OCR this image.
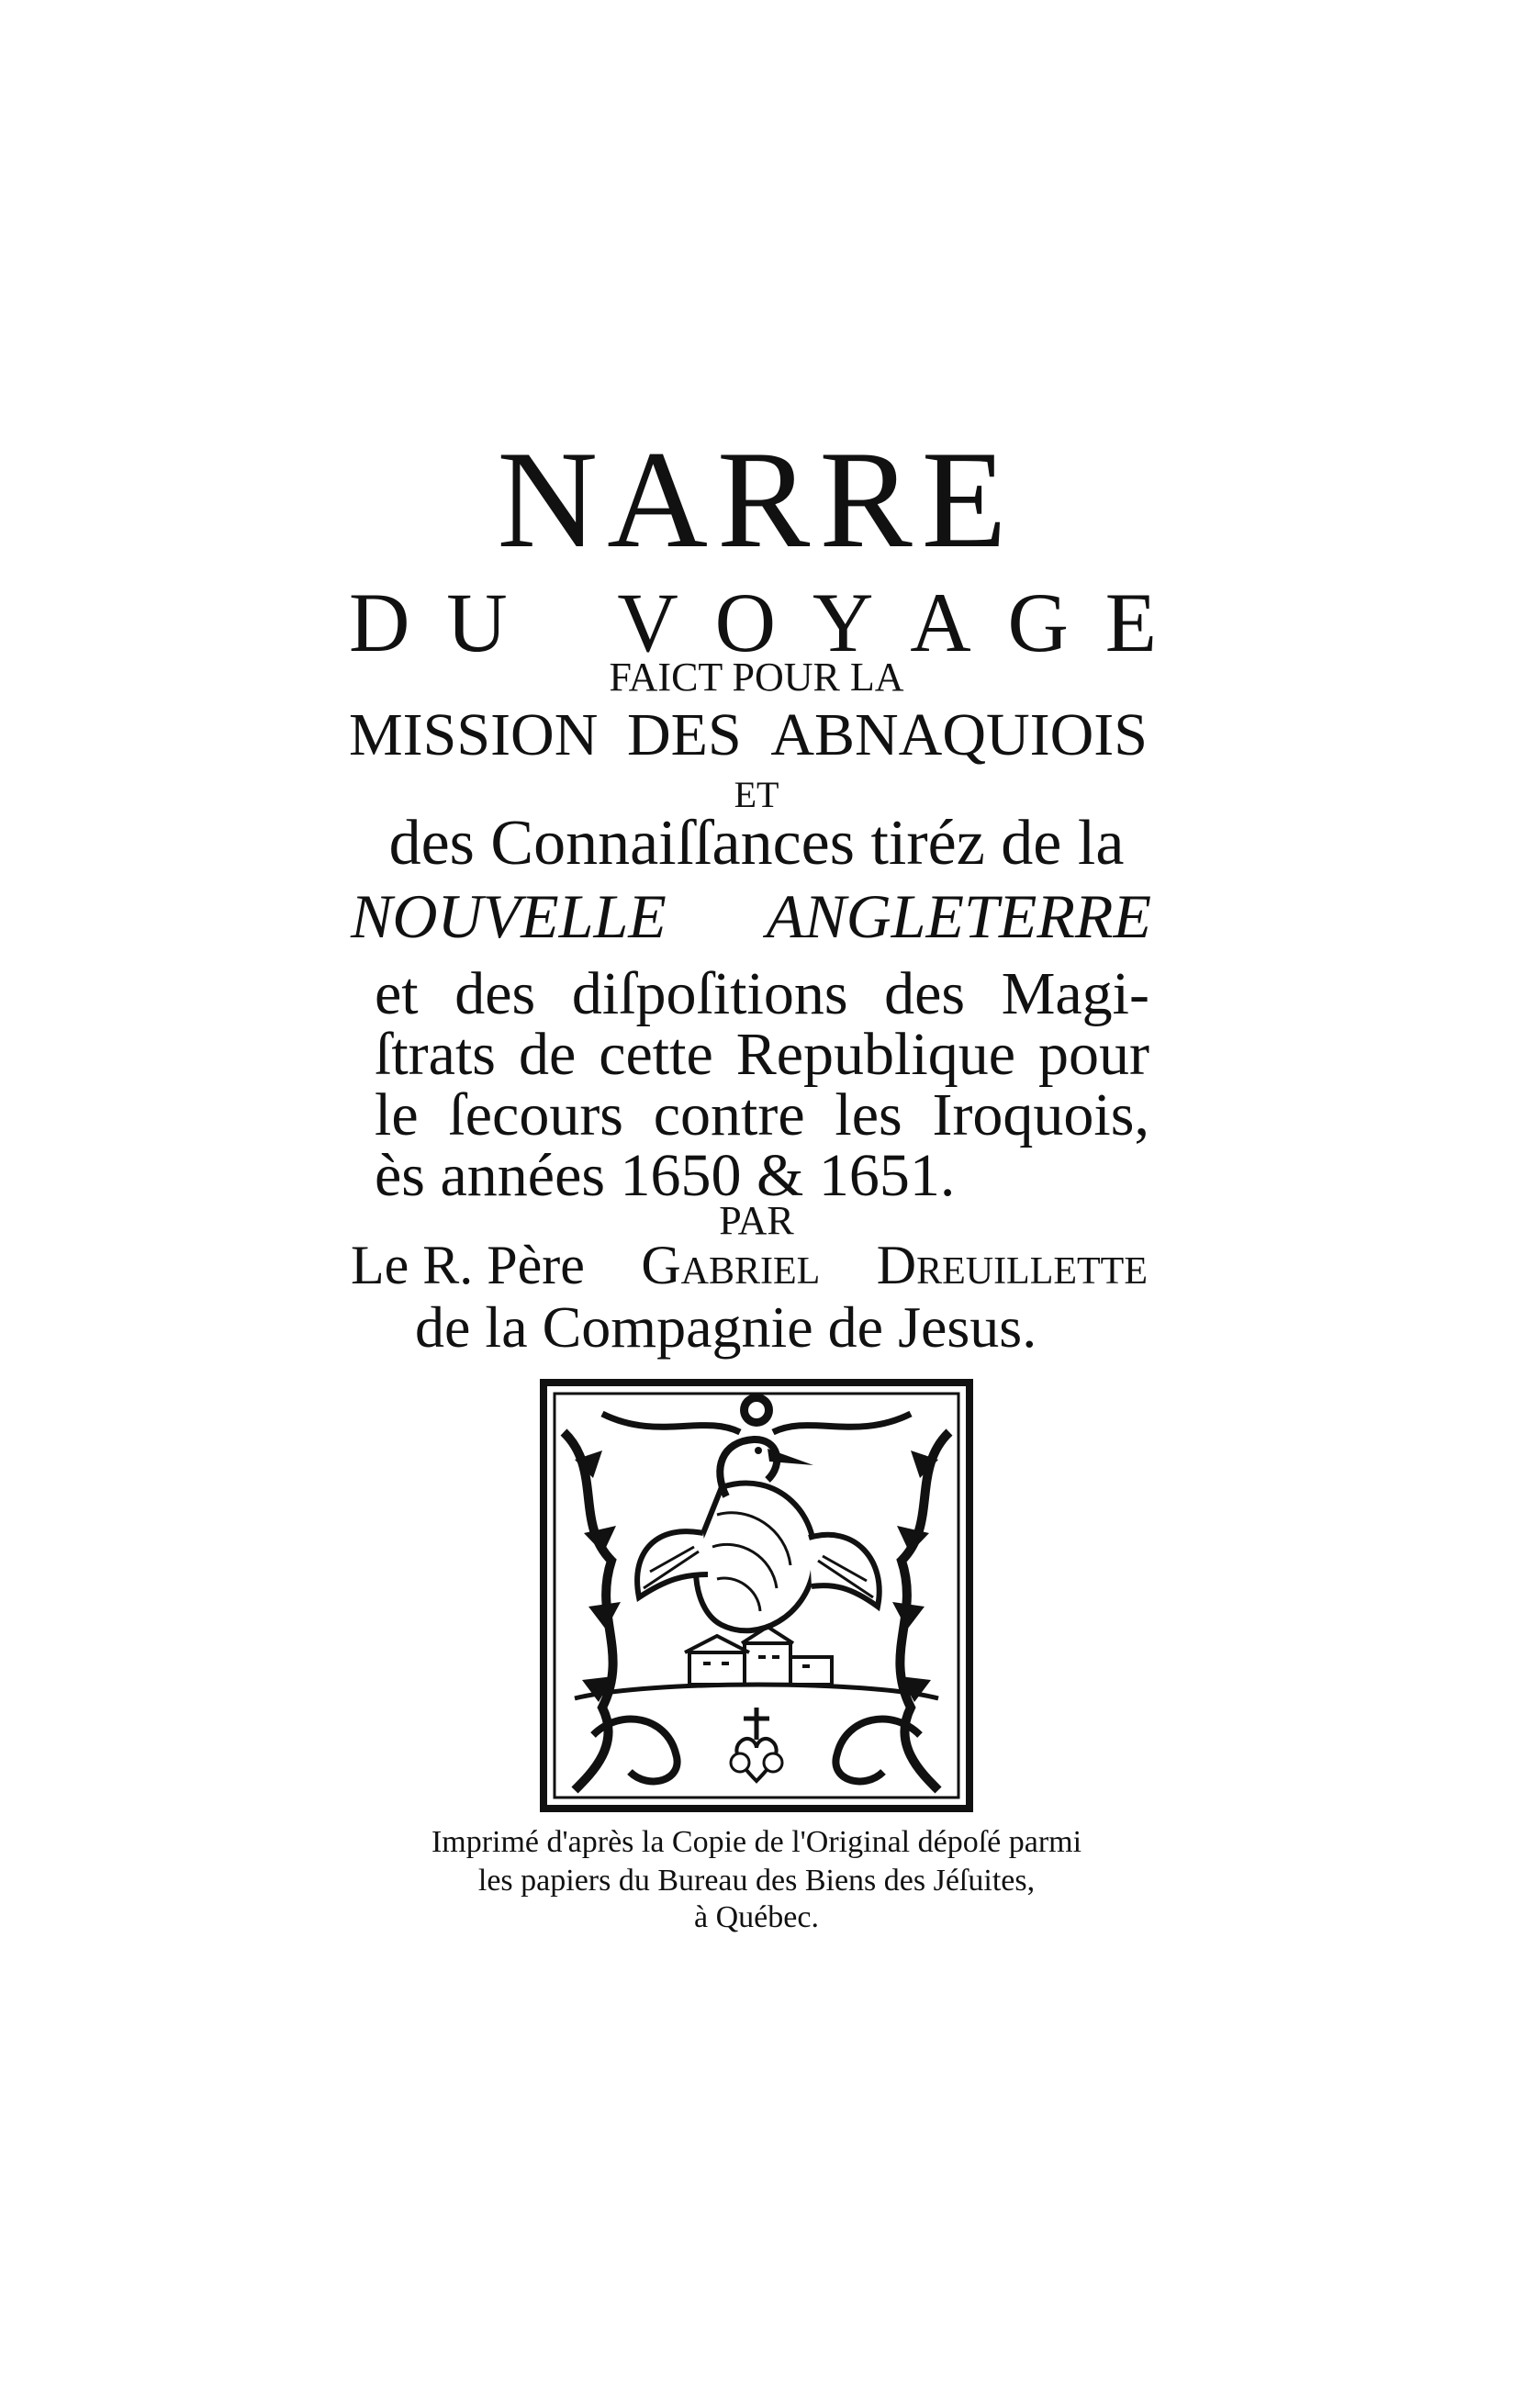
NARRE
D U V O Y A G E
FAICT POUR LA
MISSION DES ABNAQUIOIS
ET
des Connaiſſances tiréz de la
NOUVELLE ANGLETERRE
et des diſpoſitions des Magi-
ſtrats de cette Republique pour
le ſecours contre les Iroquois,
ès années 1650 & 1651.
PAR
Le R. Père Gabriel Dreuillette
de la Compagnie de Jesus.
Imprimé d'après la Copie de l'Original dépoſé parmi
les papiers du Bureau des Biens des Jéſuites,
à Québec.
